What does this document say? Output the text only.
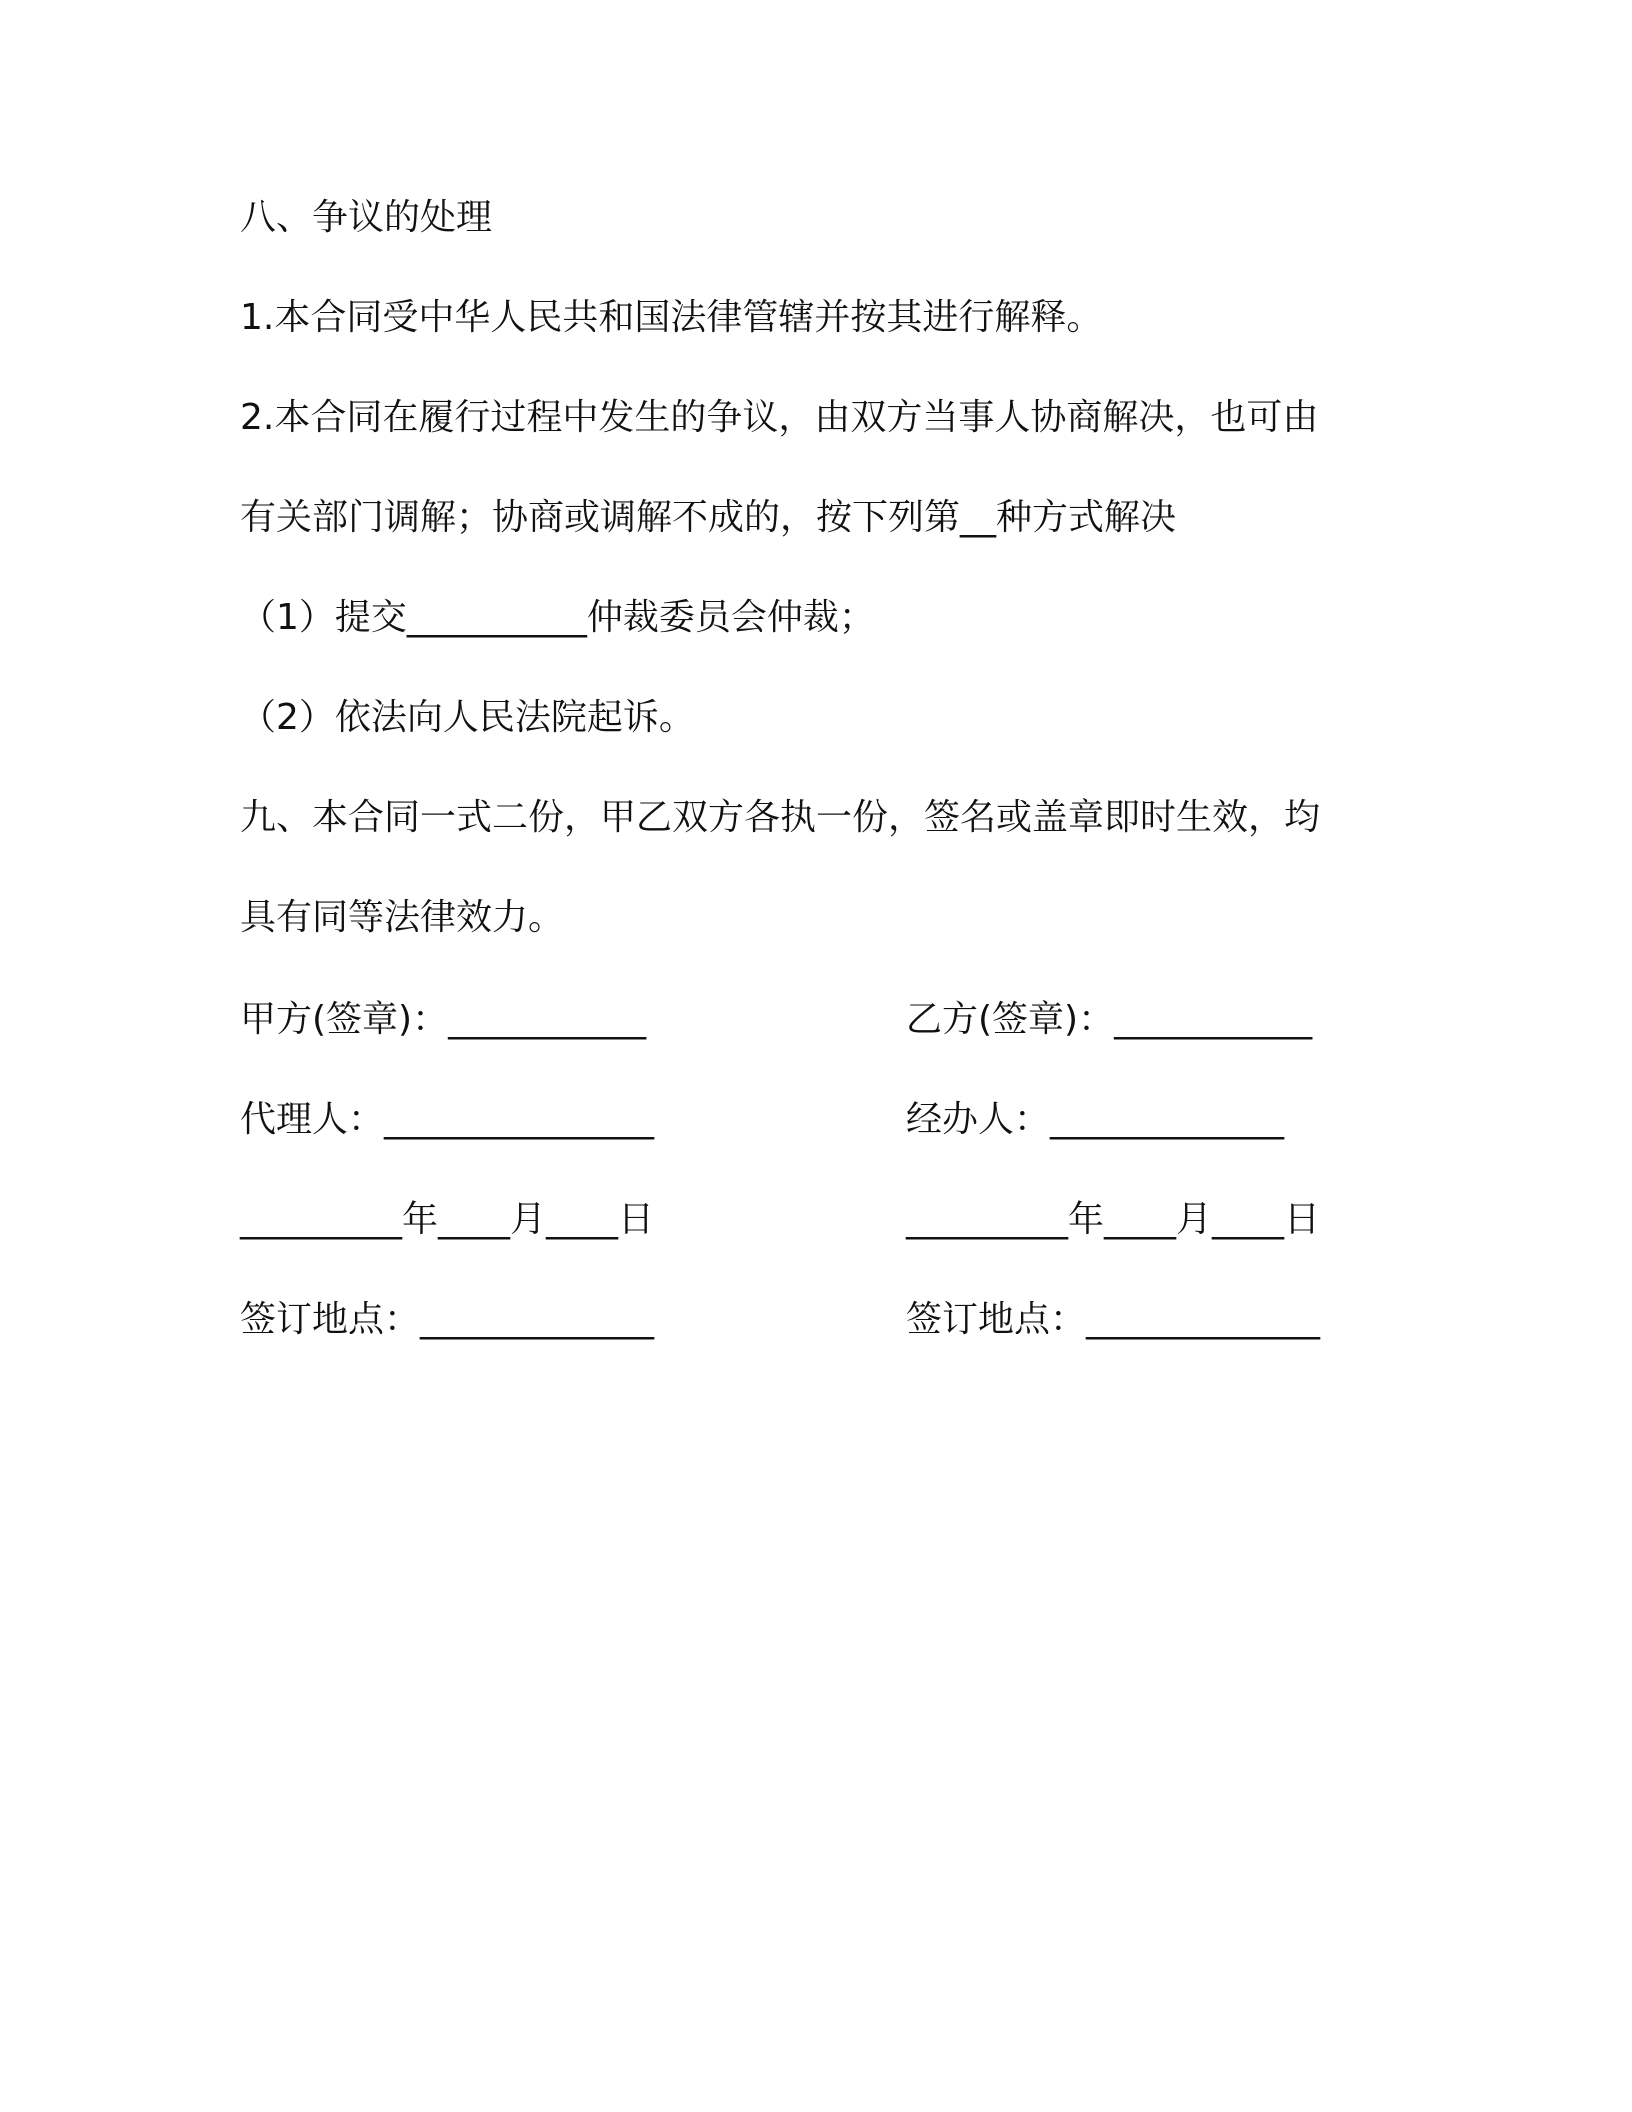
八、争议的处理
1.本合同受中华人民共和国法律管辖并按其进行解释。
2.本合同在履行过程中发生的争议，由双方当事人协商解决，也可由
有关部门调解；协商或调解不成的，按下列第__种方式解决
（1）提交__________仲裁委员会仲裁；
（2）依法向人民法院起诉。
九、本合同一式二份，甲乙双方各执一份，签名或盖章即时生效，均
具有同等法律效力。
甲方(签章)：___________	乙方(签章)：___________
代理人：_______________	经办人：_____________
_________年____月____日	_________年____月____日
签订地点：_____________	签订地点：_____________
